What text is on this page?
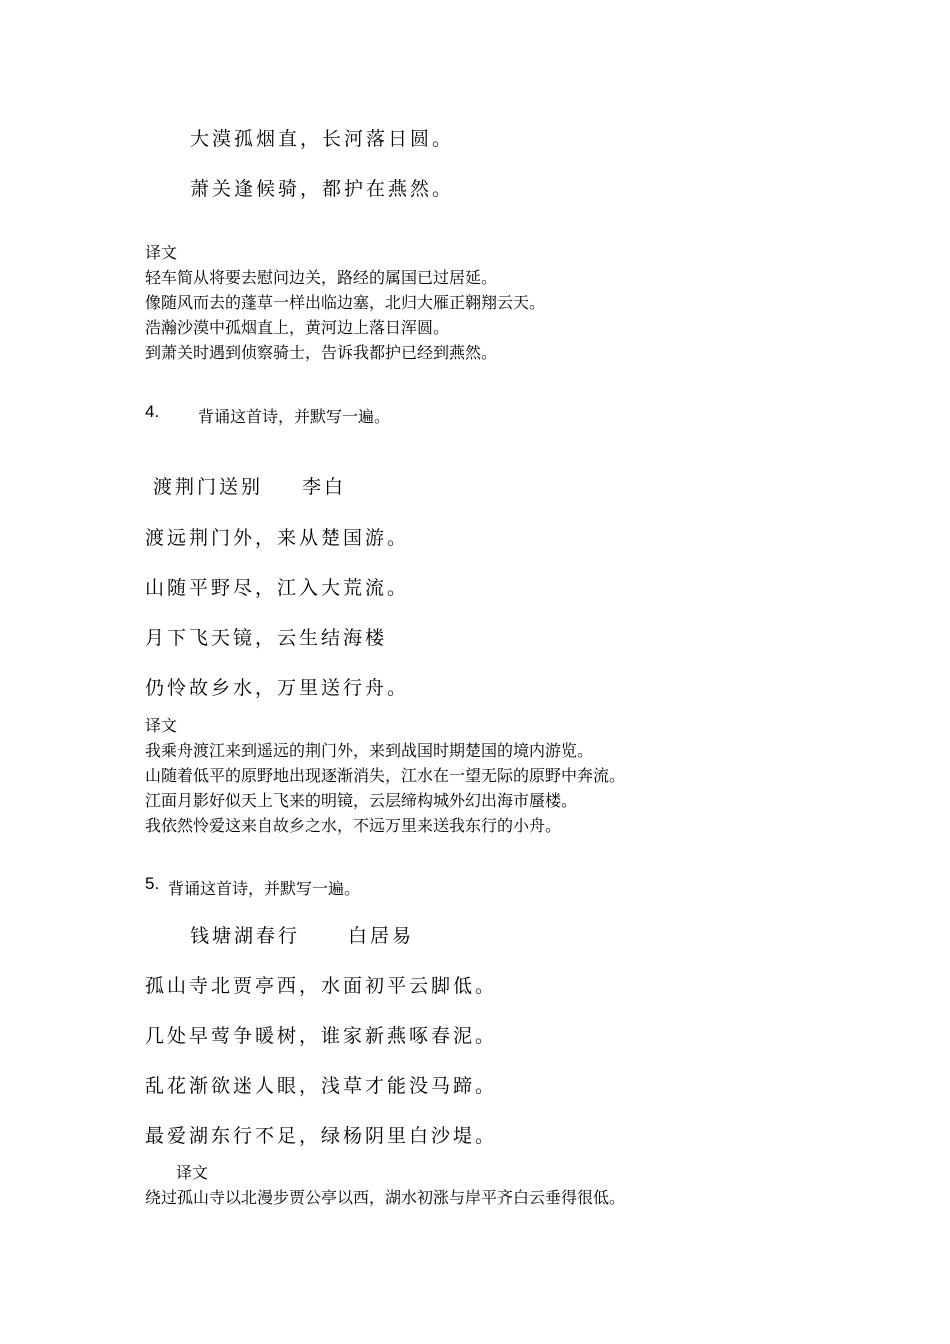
大漠孤烟直，长河落日圆。
萧关逢候骑，都护在燕然。
译文
轻车简从将要去慰问边关，路经的属国已过居延。
像随风而去的蓬草一样出临边塞，北归大雁正翱翔云天。
浩瀚沙漠中孤烟直上，黄河边上落日浑圆。
到萧关时遇到侦察骑士，告诉我都护已经到燕然。
4. 背诵这首诗，并默写一遍。
渡荆门送别 李白
渡远荆门外，来从楚国游。
山随平野尽，江入大荒流。
月下飞天镜，云生结海楼
仍怜故乡水，万里送行舟。
译文
我乘舟渡江来到遥远的荆门外，来到战国时期楚国的境内游览。
山随着低平的原野地出现逐渐消失，江水在一望无际的原野中奔流。
江面月影好似天上飞来的明镜，云层缔构城外幻出海市蜃楼。
我依然怜爱这来自故乡之水，不远万里来送我东行的小舟。
5. 背诵这首诗，并默写一遍。
钱塘湖春行	白居易
孤山寺北贾亭西，水面初平云脚低。
几处早莺争暖树，谁家新燕啄春泥。
乱花渐欲迷人眼，浅草才能没马蹄。
最爱湖东行不足，绿杨阴里白沙堤。
译文
绕过孤山寺以北漫步贾公亭以西，湖水初涨与岸平齐白云垂得很低。
